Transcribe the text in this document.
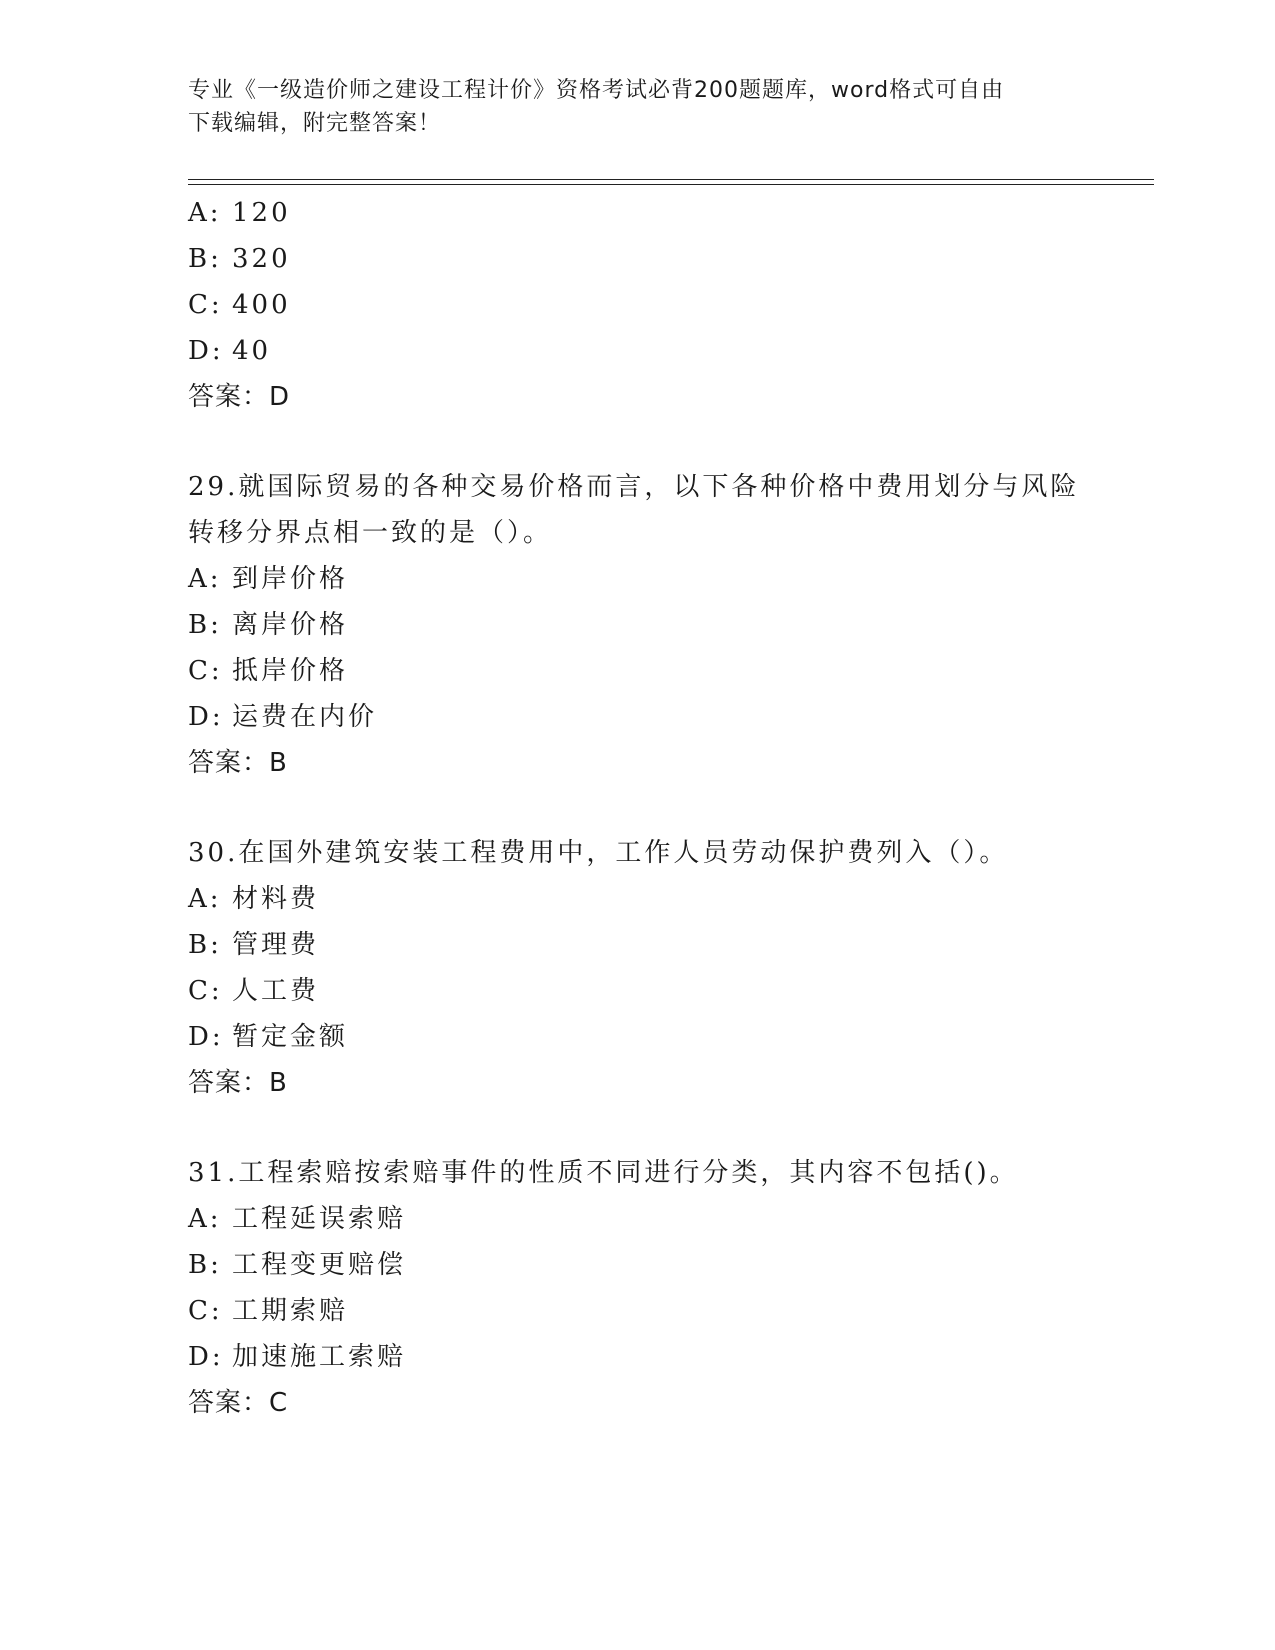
专业《一级造价师之建设工程计价》资格考试必背200题题库，word格式可自由
下载编辑，附完整答案！
A: 120
B: 320
C: 400
D: 40
答案：D
29.就国际贸易的各种交易价格而言，以下各种价格中费用划分与风险
转移分界点相一致的是（）。
A: 到岸价格
B: 离岸价格
C: 抵岸价格
D: 运费在内价
答案：B
30.在国外建筑安装工程费用中，工作人员劳动保护费列入（）。
A: 材料费
B: 管理费
C: 人工费
D: 暂定金额
答案：B
31.工程索赔按索赔事件的性质不同进行分类，其内容不包括()。
A: 工程延误索赔
B: 工程变更赔偿
C: 工期索赔
D: 加速施工索赔
答案：C
